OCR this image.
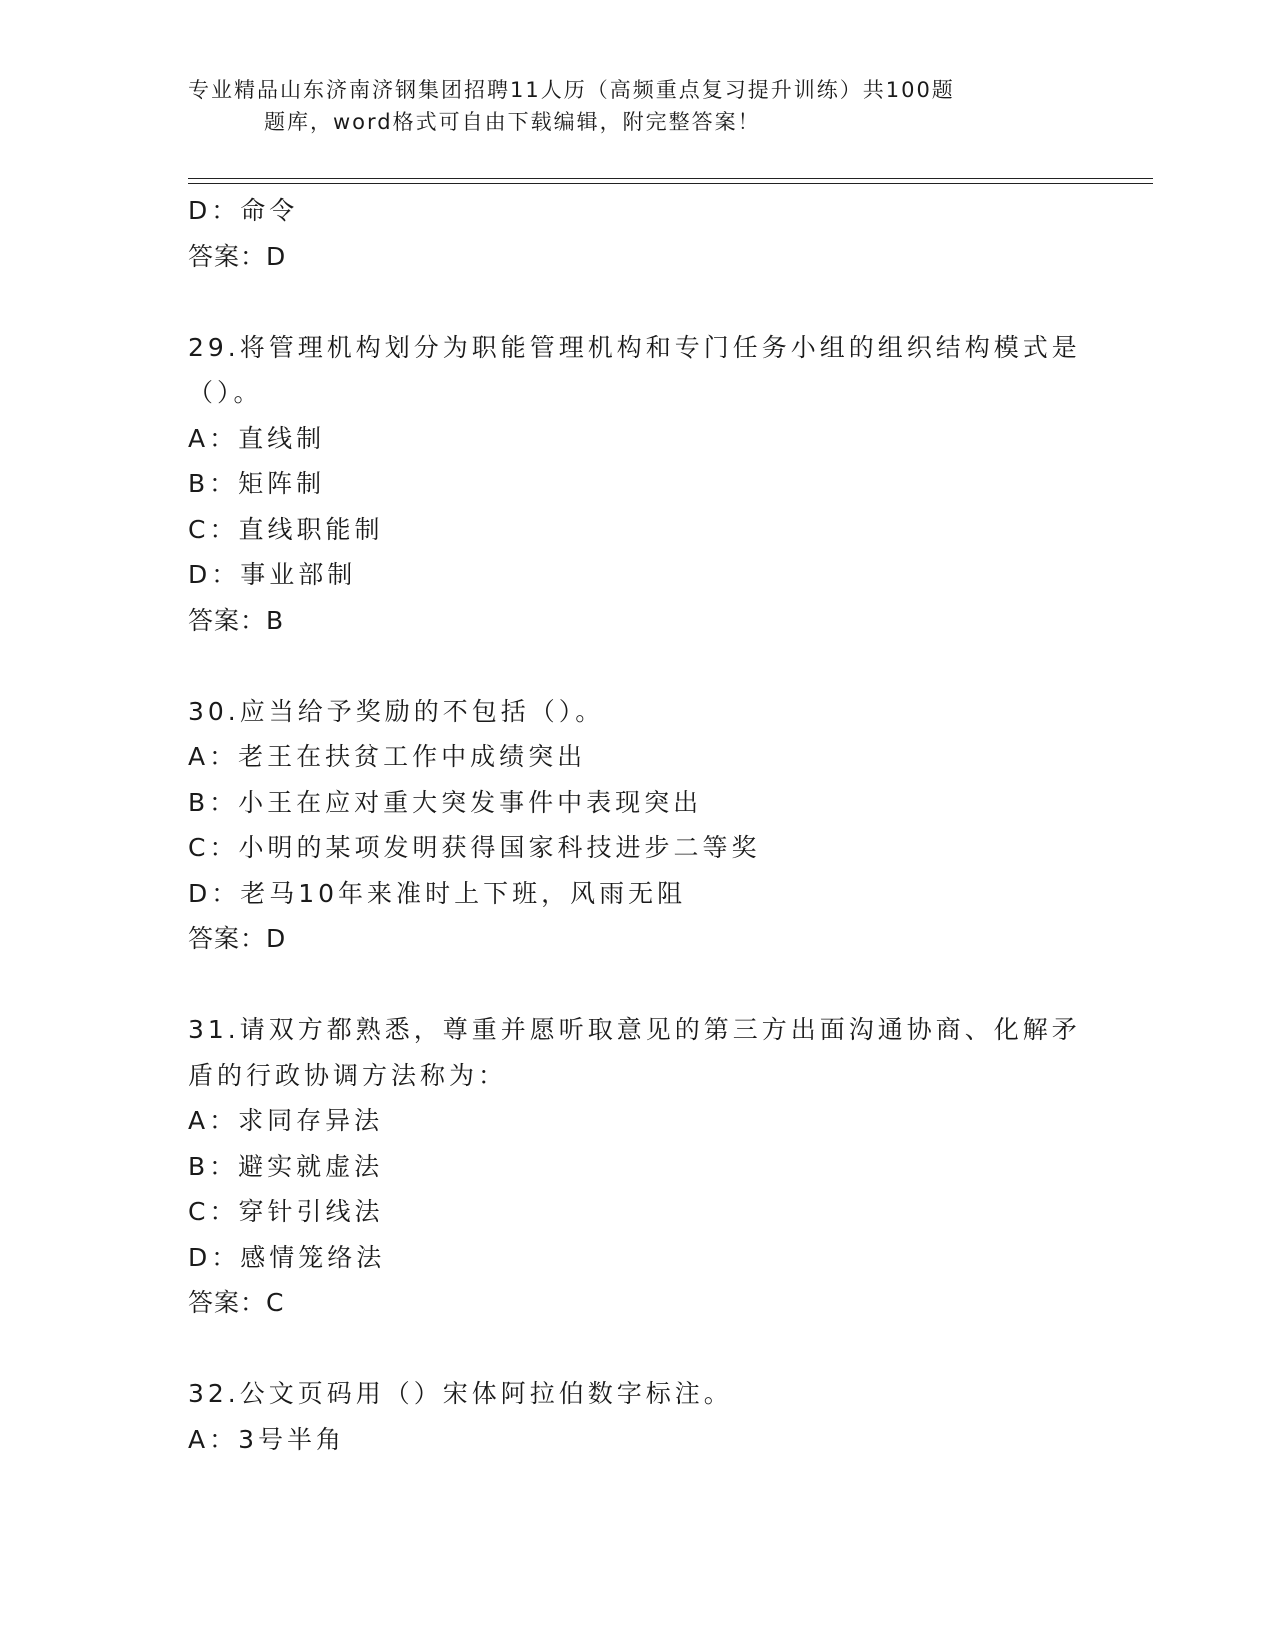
专业精品山东济南济钢集团招聘11人历（高频重点复习提升训练）共100题
题库，word格式可自由下载编辑，附完整答案！
D：命令
答案：D
29.将管理机构划分为职能管理机构和专门任务小组的组织结构模式是
（）。
A：直线制
B：矩阵制
C：直线职能制
D：事业部制
答案：B
30.应当给予奖励的不包括（）。
A：老王在扶贫工作中成绩突出
B：小王在应对重大突发事件中表现突出
C：小明的某项发明获得国家科技进步二等奖
D：老马10年来准时上下班，风雨无阻
答案：D
31.请双方都熟悉，尊重并愿听取意见的第三方出面沟通协商、化解矛
盾的行政协调方法称为：
A：求同存异法
B：避实就虚法
C：穿针引线法
D：感情笼络法
答案：C
32.公文页码用（）宋体阿拉伯数字标注。
A：3号半角
